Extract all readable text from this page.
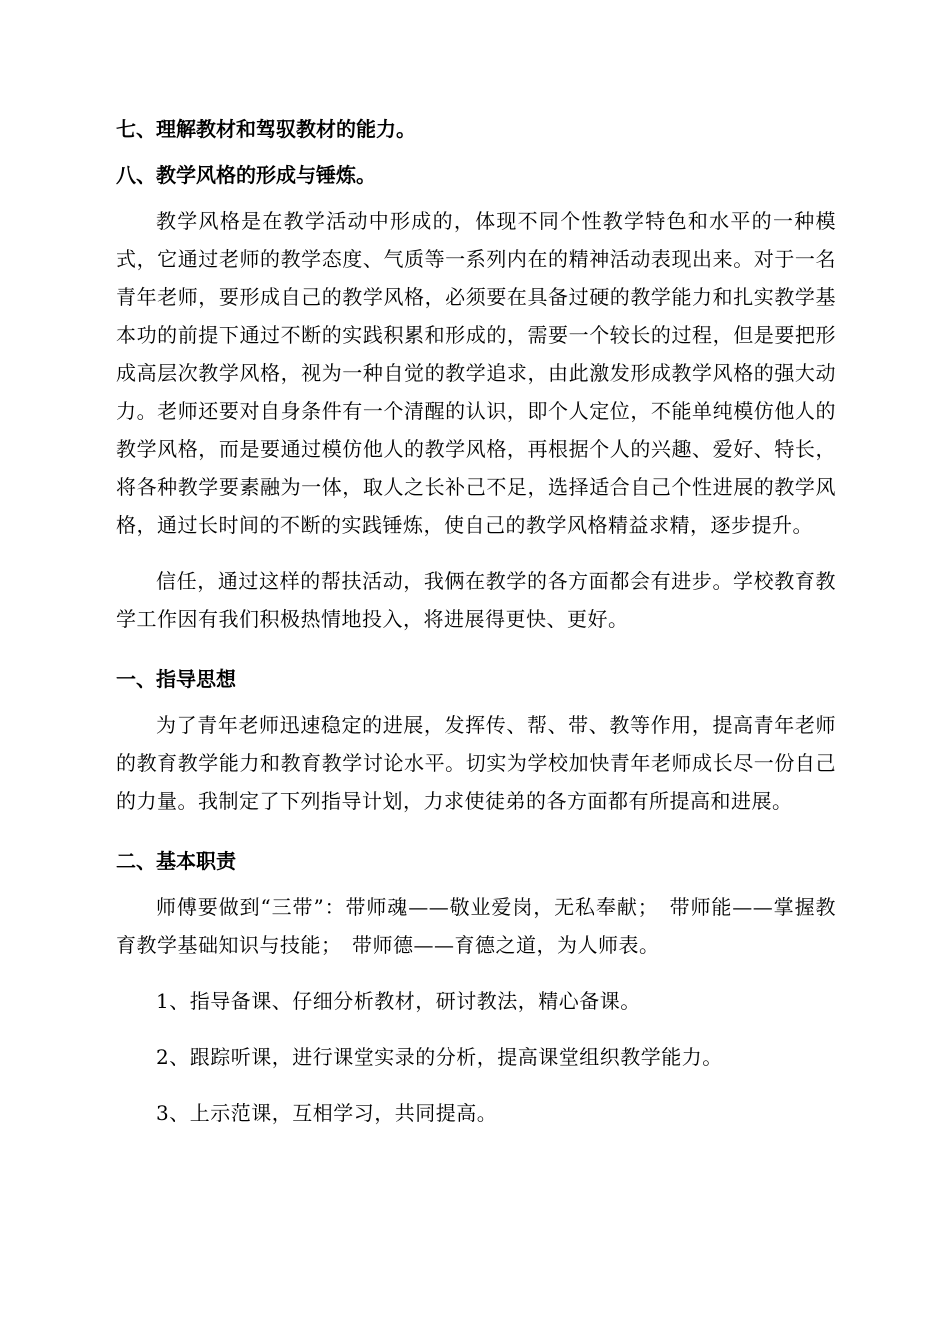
七、理解教材和驾驭教材的能力。

八、教学风格的形成与锤炼。

教学风格是在教学活动中形成的，体现不同个性教学特色和水平的一种模式，它通过老师的教学态度、气质等一系列内在的精神活动表现出来。对于一名青年老师，要形成自己的教学风格，必须要在具备过硬的教学能力和扎实教学基本功的前提下通过不断的实践积累和形成的，需要一个较长的过程，但是要把形成高层次教学风格，视为一种自觉的教学追求，由此激发形成教学风格的强大动力。老师还要对自身条件有一个清醒的认识，即个人定位，不能单纯模仿他人的教学风格，而是要通过模仿他人的教学风格，再根据个人的兴趣、爱好、特长，将各种教学要素融为一体，取人之长补己不足，选择适合自己个性进展的教学风格，通过长时间的不断的实践锤炼，使自己的教学风格精益求精，逐步提升。

信任，通过这样的帮扶活动，我俩在教学的各方面都会有进步。学校教育教学工作因有我们积极热情地投入，将进展得更快、更好。

一、指导思想

为了青年老师迅速稳定的进展，发挥传、帮、带、教等作用，提高青年老师的教育教学能力和教育教学讨论水平。切实为学校加快青年老师成长尽一份自己的力量。我制定了下列指导计划，力求使徒弟的各方面都有所提高和进展。

二、基本职责

师傅要做到“三带”：带师魂——敬业爱岗，无私奉献；　带师能——掌握教育教学基础知识与技能；　带师德——育德之道，为人师表。

1、指导备课、仔细分析教材，研讨教法，精心备课。

2、跟踪听课，进行课堂实录的分析，提高课堂组织教学能力。

3、上示范课，互相学习，共同提高。
